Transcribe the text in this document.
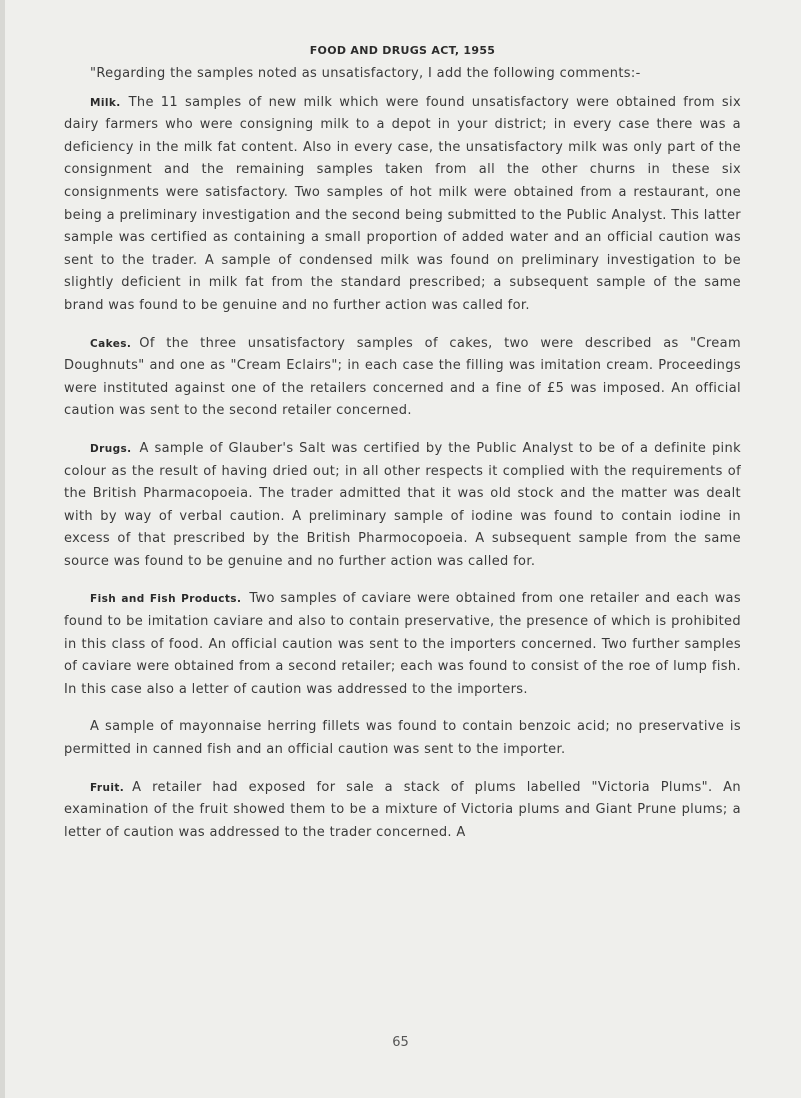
FOOD AND DRUGS ACT, 1955

"Regarding the samples noted as unsatisfactory, I add the following comments:-

Milk. The 11 samples of new milk which were found unsatisfactory were obtained from six dairy farmers who were consigning milk to a depot in your district; in every case there was a deficiency in the milk fat content. Also in every case, the unsatisfactory milk was only part of the consignment and the remaining samples taken from all the other churns in these six consignments were satisfactory. Two samples of hot milk were obtained from a restaurant, one being a preliminary investigation and the second being submitted to the Public Analyst. This latter sample was certified as containing a small proportion of added water and an official caution was sent to the trader. A sample of condensed milk was found on preliminary investigation to be slightly deficient in milk fat from the standard prescribed; a subsequent sample of the same brand was found to be genuine and no further action was called for.

Cakes. Of the three unsatisfactory samples of cakes, two were described as "Cream Doughnuts" and one as "Cream Eclairs"; in each case the filling was imitation cream. Proceedings were instituted against one of the retailers concerned and a fine of £5 was imposed. An official caution was sent to the second retailer concerned.

Drugs. A sample of Glauber's Salt was certified by the Public Analyst to be of a definite pink colour as the result of having dried out; in all other respects it complied with the requirements of the British Pharmacopoeia. The trader admitted that it was old stock and the matter was dealt with by way of verbal caution. A preliminary sample of iodine was found to contain iodine in excess of that prescribed by the British Pharmocopoeia. A subsequent sample from the same source was found to be genuine and no further action was called for.

Fish and Fish Products. Two samples of caviare were obtained from one retailer and each was found to be imitation caviare and also to contain preservative, the presence of which is prohibited in this class of food. An official caution was sent to the importers concerned. Two further samples of caviare were obtained from a second retailer; each was found to consist of the roe of lump fish. In this case also a letter of caution was addressed to the importers.

A sample of mayonnaise herring fillets was found to contain benzoic acid; no preservative is permitted in canned fish and an official caution was sent to the importer.

Fruit. A retailer had exposed for sale a stack of plums labelled "Victoria Plums". An examination of the fruit showed them to be a mixture of Victoria plums and Giant Prune plums; a letter of caution was addressed to the trader concerned. A

65
